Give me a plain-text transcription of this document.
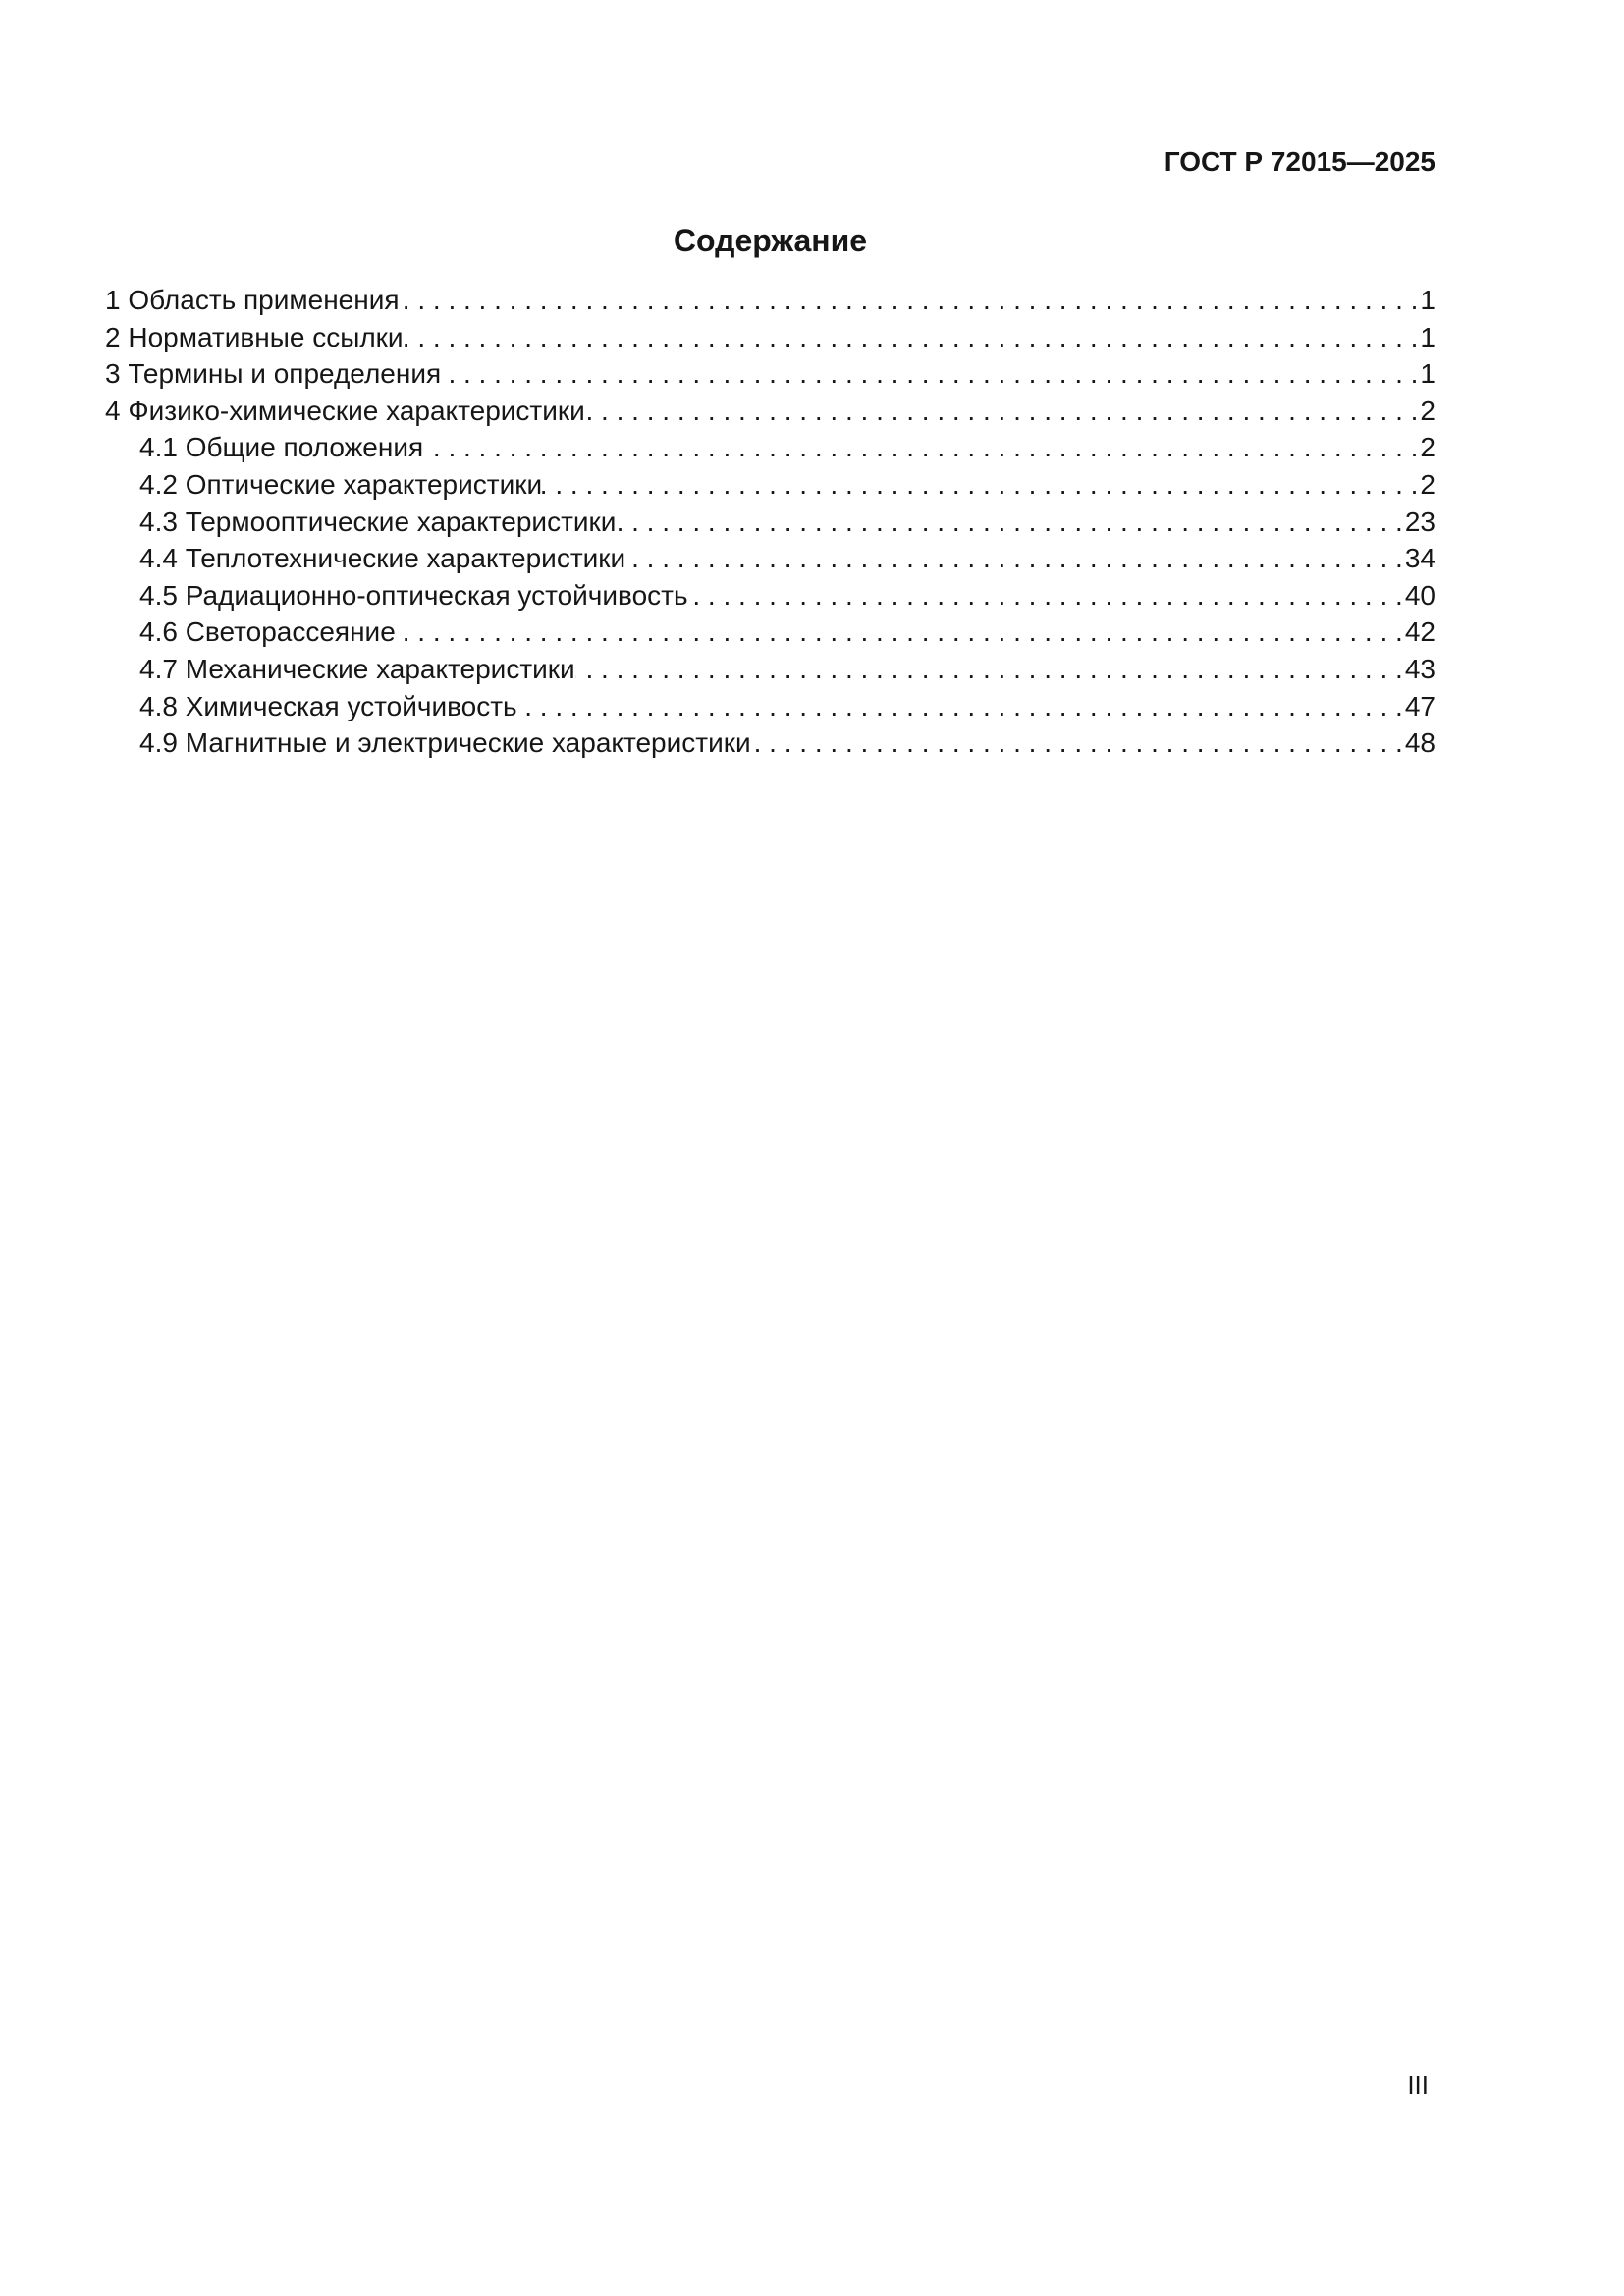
ГОСТ Р 72015—2025
Содержание
1 Область применения . . .	1
2 Нормативные ссылки . . .	1
3 Термины и определения . . .	1
4 Физико-химические характеристики . . .	2
4.1 Общие положения . . .	2
4.2 Оптические характеристики . . .	2
4.3 Термооптические характеристики . . .	23
4.4 Теплотехнические характеристики . . .	34
4.5 Радиационно-оптическая устойчивость . . .	40
4.6 Светорассеяние . . .	42
4.7 Механические характеристики . . .	43
4.8 Химическая устойчивость . . .	47
4.9 Магнитные и электрические характеристики . . .	48
III
